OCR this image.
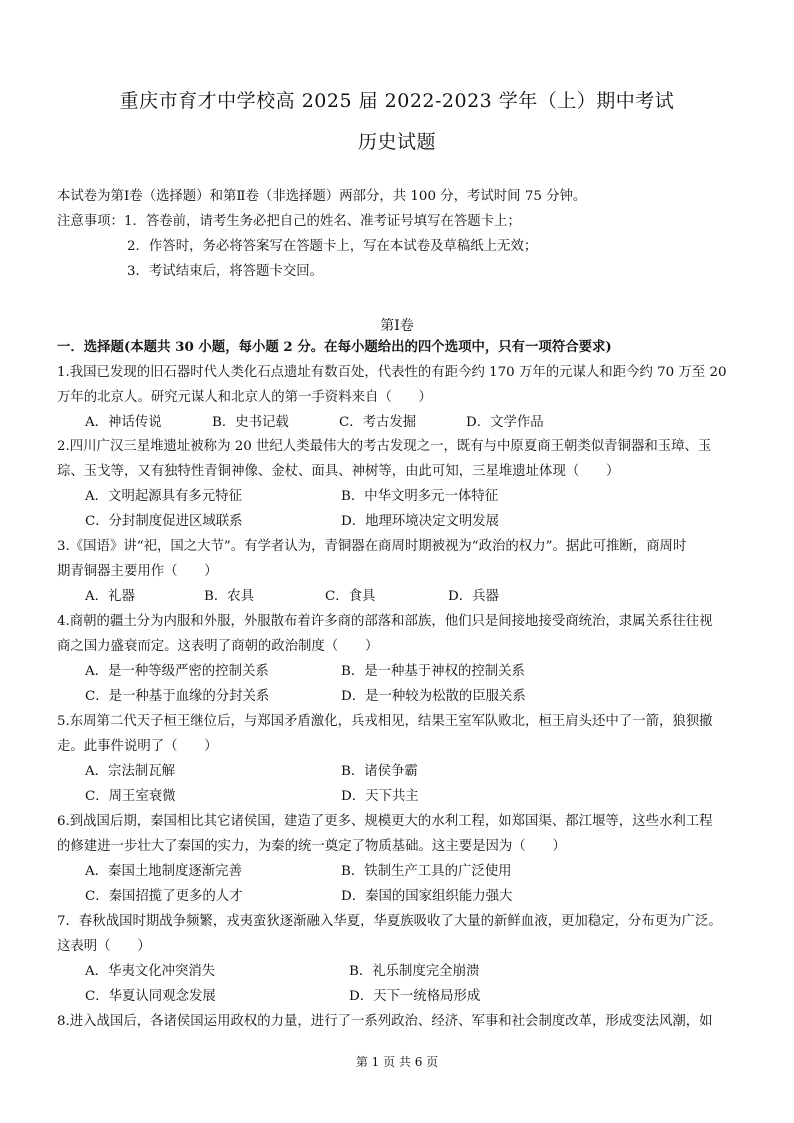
重庆市育才中学校高 2025 届 2022-2023 学年（上）期中考试
历史试题
本试卷为第Ⅰ卷（选择题）和第Ⅱ卷（非选择题）两部分，共 100 分，考试时间 75 分钟。
注意事项：1．答卷前，请考生务必把自己的姓名、准考证号填写在答题卡上；
2．作答时，务必将答案写在答题卡上，写在本试卷及草稿纸上无效；
3．考试结束后，将答题卡交回。
第Ⅰ卷
一．选择题(本题共 30 小题，每小题 2 分。在每小题给出的四个选项中，只有一项符合要求)
1.我国已发现的旧石器时代人类化石点遗址有数百处，代表性的有距今约 170 万年的元谋人和距今约 70 万至 20
万年的北京人。研究元谋人和北京人的第一手资料来自（　　）
A．神话传说	B．史书记载	C．考古发掘	D．文学作品
2.四川广汉三星堆遗址被称为 20 世纪人类最伟大的考古发现之一，既有与中原夏商王朝类似青铜器和玉璋、玉
琮、玉戈等，又有独特性青铜神像、金杖、面具、神树等，由此可知，三星堆遗址体现（　　）
A．文明起源具有多元特征	B．中华文明多元一体特征
C．分封制度促进区域联系	D．地理环境决定文明发展
3.《国语》讲“祀，国之大节”。有学者认为，青铜器在商周时期被视为“政治的权力”。据此可推断，商周时
期青铜器主要用作（　　）
A．礼器	B．农具	C．食具	D．兵器
4.商朝的疆土分为内服和外服，外服散布着许多商的部落和部族，他们只是间接地接受商统治，隶属关系往往视
商之国力盛衰而定。这表明了商朝的政治制度（　　）
A．是一种等级严密的控制关系	B．是一种基于神权的控制关系
C．是一种基于血缘的分封关系	D．是一种较为松散的臣服关系
5.东周第二代天子桓王继位后，与郑国矛盾激化，兵戎相见，结果王室军队败北，桓王肩头还中了一箭，狼狈撤
走。此事件说明了（　　）
A．宗法制瓦解	B．诸侯争霸
C．周王室衰微	D．天下共主
6.到战国后期，秦国相比其它诸侯国，建造了更多、规模更大的水利工程，如郑国渠、都江堰等，这些水利工程
的修建进一步壮大了秦国的实力，为秦的统一奠定了物质基础。这主要是因为（　　）
A．秦国土地制度逐渐完善	B．铁制生产工具的广泛使用
C．秦国招揽了更多的人才	D．秦国的国家组织能力强大
7．春秋战国时期战争频繁，戎夷蛮狄逐渐融入华夏，华夏族吸收了大量的新鲜血液，更加稳定，分布更为广泛。
这表明（　　）
A．华夷文化冲突消失	B．礼乐制度完全崩溃
C．华夏认同观念发展	D．天下一统格局形成
8.进入战国后，各诸侯国运用政权的力量，进行了一系列政治、经济、军事和社会制度改革，形成变法风潮，如
第 1 页 共 6 页
